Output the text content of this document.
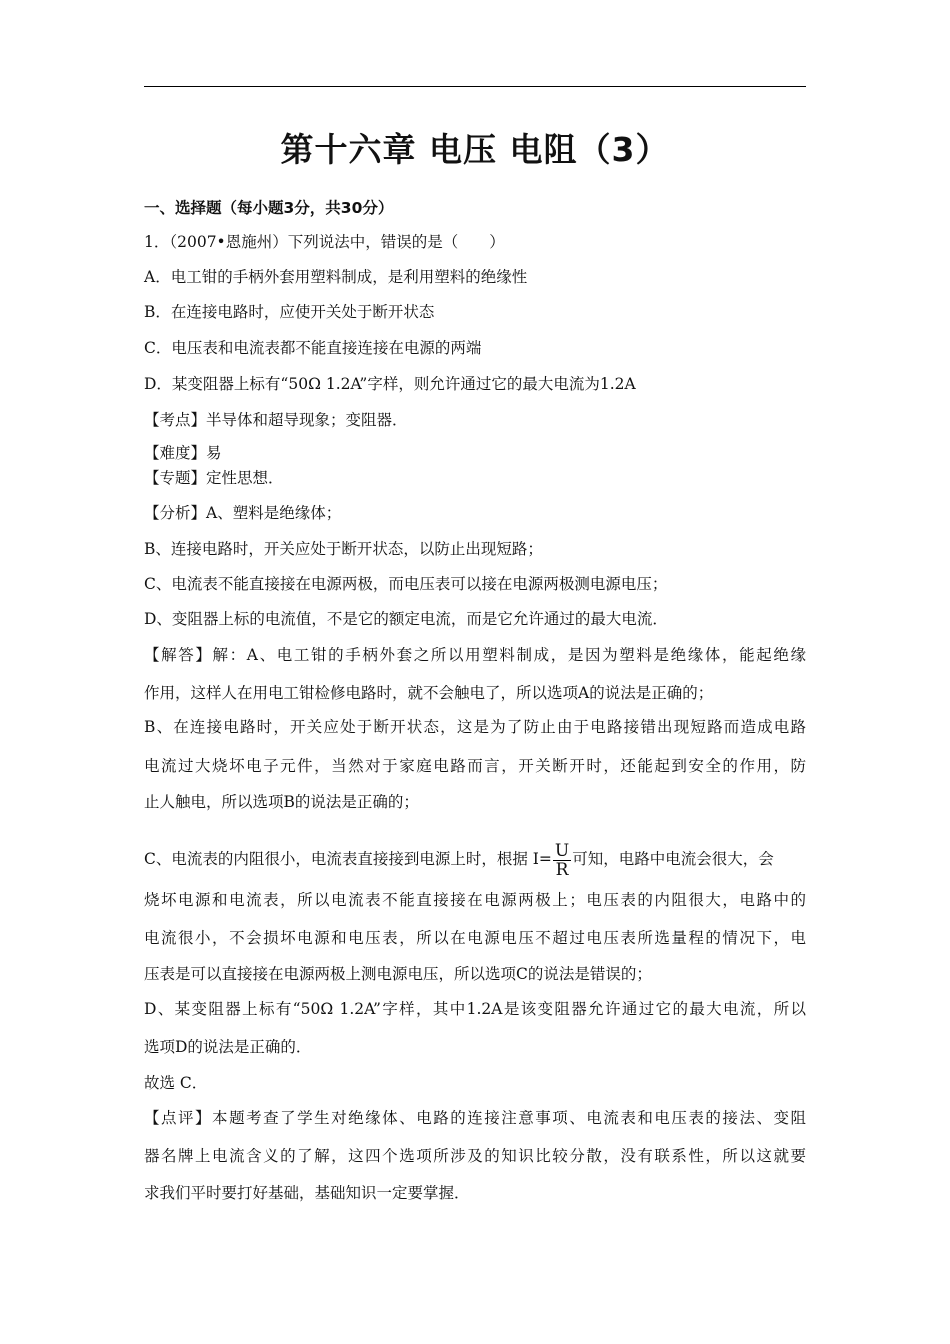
第十六章 电压 电阻（3）
一、选择题（每小题3分，共30分）
1．（2007•恩施州）下列说法中，错误的是（　　）
A．电工钳的手柄外套用塑料制成，是利用塑料的绝缘性
B．在连接电路时，应使开关处于断开状态
C．电压表和电流表都不能直接连接在电源的两端
D．某变阻器上标有“50Ω 1.2A”字样，则允许通过它的最大电流为1.2A
【考点】半导体和超导现象；变阻器．
【难度】易
【专题】定性思想．
【分析】A、塑料是绝缘体；
B、连接电路时，开关应处于断开状态，以防止出现短路；
C、电流表不能直接接在电源两极，而电压表可以接在电源两极测电源电压；
D、变阻器上标的电流值，不是它的额定电流，而是它允许通过的最大电流．
【解答】解：A、电工钳的手柄外套之所以用塑料制成，是因为塑料是绝缘体，能起绝缘
作用，这样人在用电工钳检修电路时，就不会触电了，所以选项A的说法是正确的；
B、在连接电路时，开关应处于断开状态，这是为了防止由于电路接错出现短路而造成电路
电流过大烧坏电子元件，当然对于家庭电路而言，开关断开时，还能起到安全的作用，防
止人触电，所以选项B的说法是正确的；
C、电流表的内阻很小，电流表直接接到电源上时，根据 $I= \frac{U}{R}$ 可知，电路中电流会很大，会
烧坏电源和电流表，所以电流表不能直接接在电源两极上；电压表的内阻很大，电路中的
电流很小，不会损坏电源和电压表，所以在电源电压不超过电压表所选量程的情况下，电
压表是可以直接接在电源两极上测电源电压，所以选项C的说法是错误的；
D、某变阻器上标有“50Ω 1.2A”字样，其中1.2A是该变阻器允许通过它的最大电流，所以
选项D的说法是正确的．
故选 C．
【点评】本题考查了学生对绝缘体、电路的连接注意事项、电流表和电压表的接法、变阻
器名牌上电流含义的了解，这四个选项所涉及的知识比较分散，没有联系性，所以这就要
求我们平时要打好基础，基础知识一定要掌握．
